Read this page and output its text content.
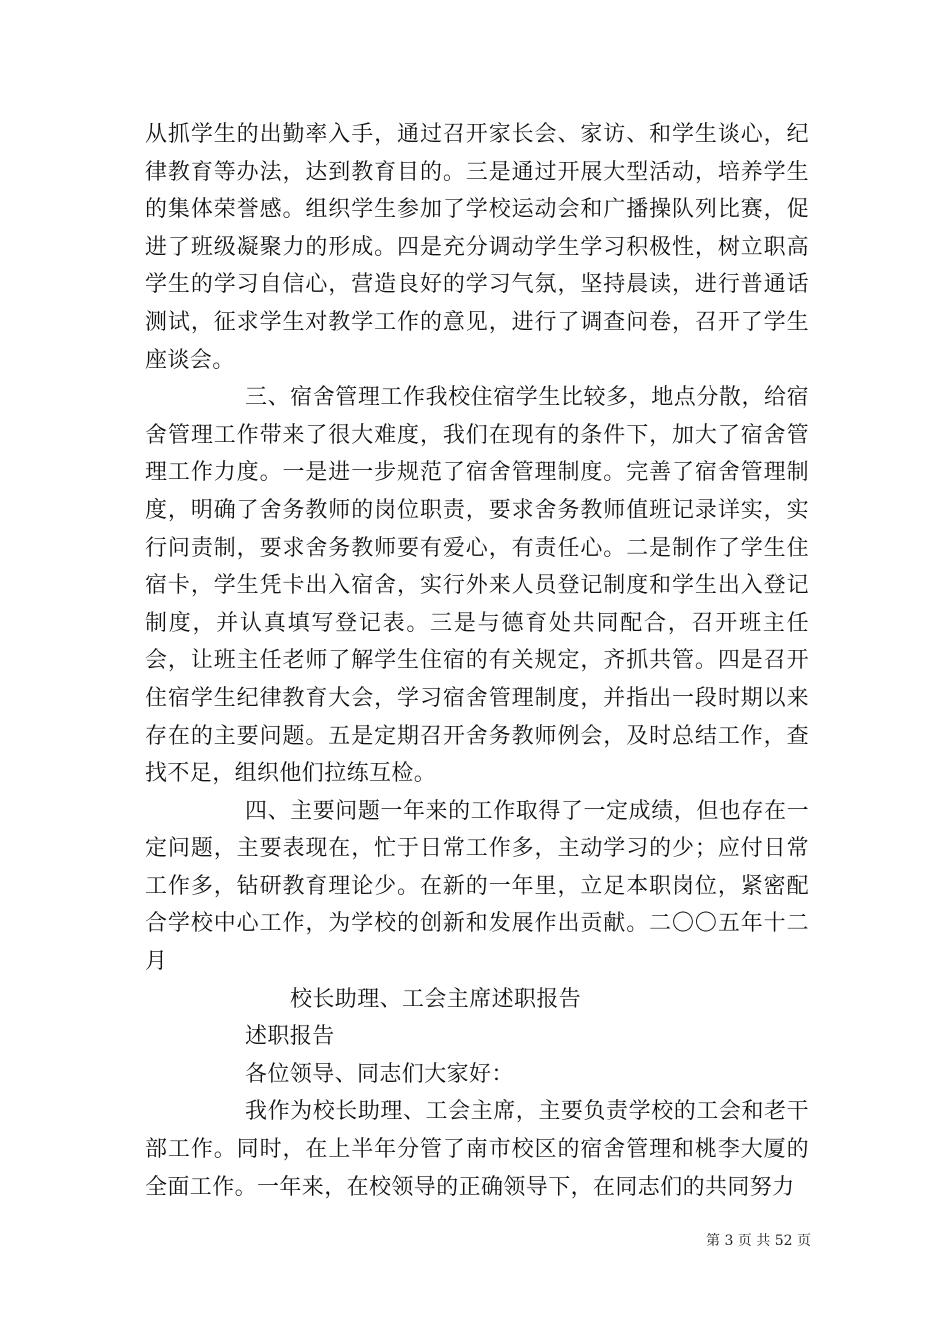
从抓学生的出勤率入手，通过召开家长会、家访、和学生谈心，纪律教育等办法，达到教育目的。三是通过开展大型活动，培养学生的集体荣誉感。组织学生参加了学校运动会和广播操队列比赛，促进了班级凝聚力的形成。四是充分调动学生学习积极性，树立职高学生的学习自信心，营造良好的学习气氛，坚持晨读，进行普通话测试，征求学生对教学工作的意见，进行了调查问卷，召开了学生座谈会。

三、宿舍管理工作我校住宿学生比较多，地点分散，给宿舍管理工作带来了很大难度，我们在现有的条件下，加大了宿舍管理工作力度。一是进一步规范了宿舍管理制度。完善了宿舍管理制度，明确了舍务教师的岗位职责，要求舍务教师值班记录详实，实行问责制，要求舍务教师要有爱心，有责任心。二是制作了学生住宿卡，学生凭卡出入宿舍，实行外来人员登记制度和学生出入登记制度，并认真填写登记表。三是与德育处共同配合，召开班主任会，让班主任老师了解学生住宿的有关规定，齐抓共管。四是召开住宿学生纪律教育大会，学习宿舍管理制度，并指出一段时期以来存在的主要问题。五是定期召开舍务教师例会，及时总结工作，查找不足，组织他们拉练互检。

四、主要问题一年来的工作取得了一定成绩，但也存在一定问题，主要表现在，忙于日常工作多，主动学习的少；应付日常工作多，钻研教育理论少。在新的一年里，立足本职岗位，紧密配合学校中心工作，为学校的创新和发展作出贡献。二〇〇五年十二月

校长助理、工会主席述职报告

述职报告

各位领导、同志们大家好：

我作为校长助理、工会主席，主要负责学校的工会和老干部工作。同时，在上半年分管了南市校区的宿舍管理和桃李大厦的全面工作。一年来，在校领导的正确领导下，在同志们的共同努力

第 3 页 共 52 页
